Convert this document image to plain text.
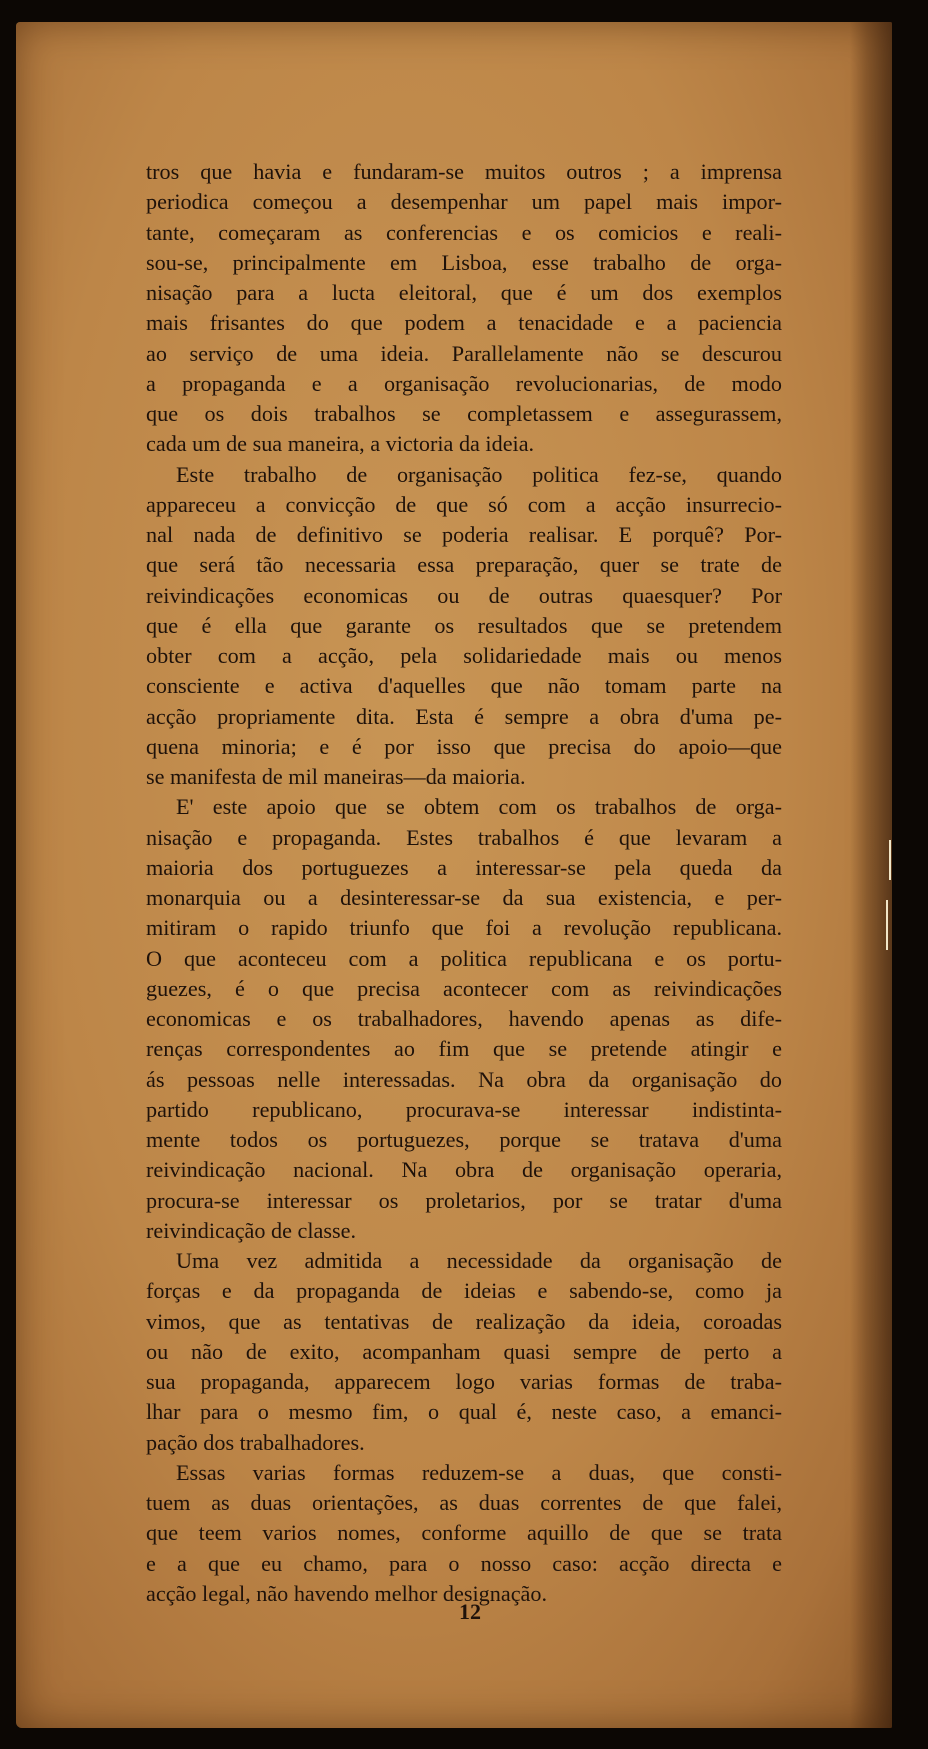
tros que havia e fundaram-se muitos outros ; a imprensa
periodica começou a desempenhar um papel mais impor-
tante, começaram as conferencias e os comicios e reali-
sou-se, principalmente em Lisboa, esse trabalho de orga-
nisação para a lucta eleitoral, que é um dos exemplos
mais frisantes do que podem a tenacidade e a paciencia
ao serviço de uma ideia. Parallelamente não se descurou
a propaganda e a organisação revolucionarias, de modo
que os dois trabalhos se completassem e assegurassem,
cada um de sua maneira, a victoria da ideia.
Este trabalho de organisação politica fez-se, quando
appareceu a convicção de que só com a acção insurrecio-
nal nada de definitivo se poderia realisar. E porquê? Por-
que será tão necessaria essa preparação, quer se trate de
reivindicações economicas ou de outras quaesquer? Por
que é ella que garante os resultados que se pretendem
obter com a acção, pela solidariedade mais ou menos
consciente e activa d'aquelles que não tomam parte na
acção propriamente dita. Esta é sempre a obra d'uma pe-
quena minoria; e é por isso que precisa do apoio—que
se manifesta de mil maneiras—da maioria.
E' este apoio que se obtem com os trabalhos de orga-
nisação e propaganda. Estes trabalhos é que levaram a
maioria dos portuguezes a interessar-se pela queda da
monarquia ou a desinteressar-se da sua existencia, e per-
mitiram o rapido triunfo que foi a revolução republicana.
O que aconteceu com a politica republicana e os portu-
guezes, é o que precisa acontecer com as reivindicações
economicas e os trabalhadores, havendo apenas as dife-
renças correspondentes ao fim que se pretende atingir e
ás pessoas nelle interessadas. Na obra da organisação do
partido republicano, procurava-se interessar indistinta-
mente todos os portuguezes, porque se tratava d'uma
reivindicação nacional. Na obra de organisação operaria,
procura-se interessar os proletarios, por se tratar d'uma
reivindicação de classe.
Uma vez admitida a necessidade da organisação de
forças e da propaganda de ideias e sabendo-se, como ja
vimos, que as tentativas de realização da ideia, coroadas
ou não de exito, acompanham quasi sempre de perto a
sua propaganda, apparecem logo varias formas de traba-
lhar para o mesmo fim, o qual é, neste caso, a emanci-
pação dos trabalhadores.
Essas varias formas reduzem-se a duas, que consti-
tuem as duas orientações, as duas correntes de que falei,
que teem varios nomes, conforme aquillo de que se trata
e a que eu chamo, para o nosso caso: acção directa e
acção legal, não havendo melhor designação.
12
